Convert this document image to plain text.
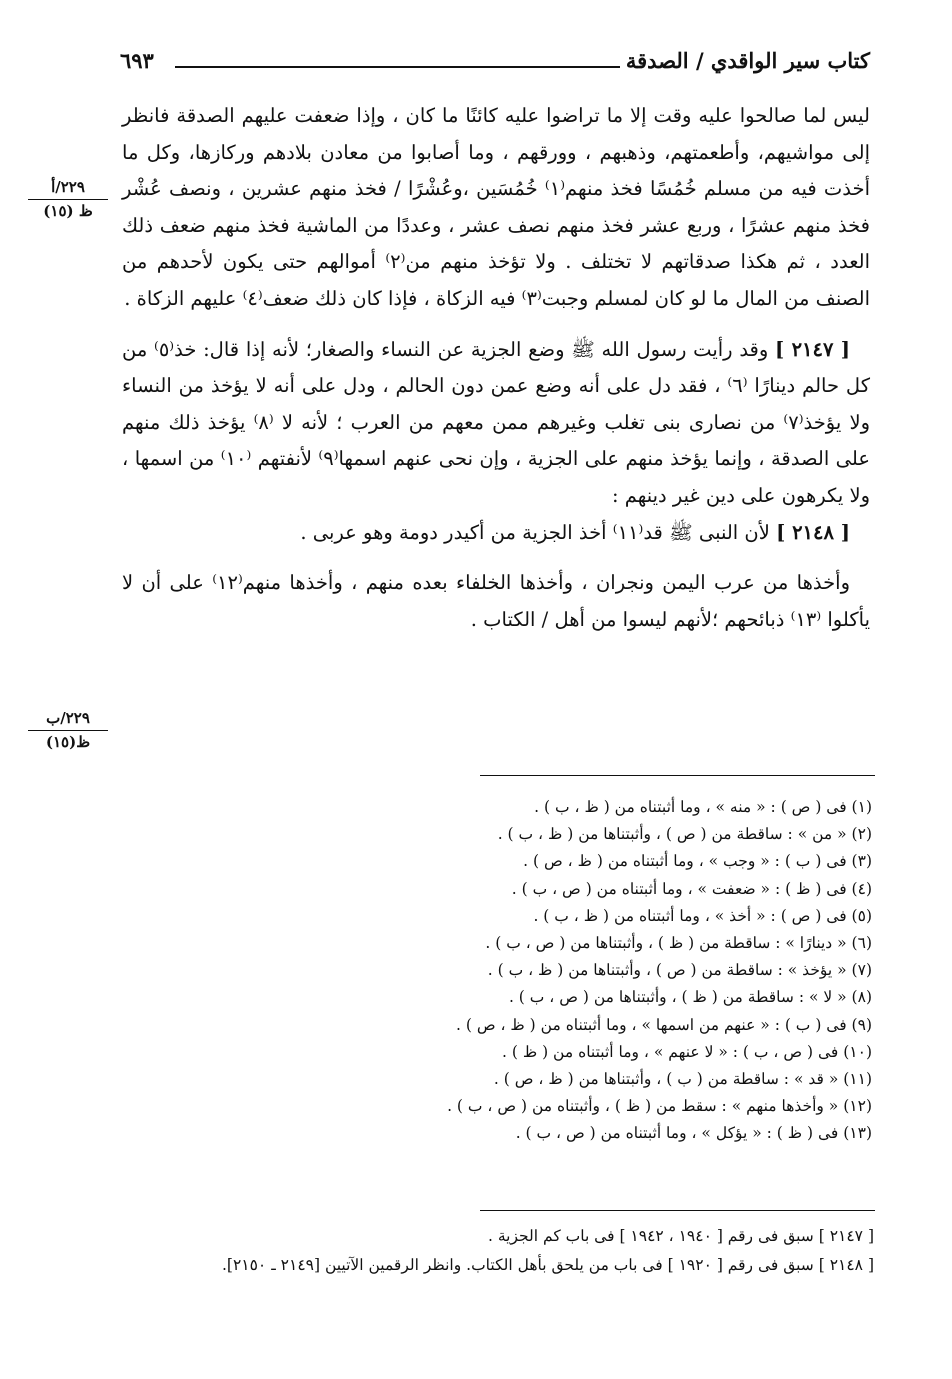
كتاب سير الواقدي / الصدقة
٦٩٣
٢٢٩/أ
ظ (١٥)
٢٢٩/ب
ظ(١٥)

ليس لما صالحوا عليه وقت إلا ما تراضوا عليه كائنًا ما كان ، وإذا ضعفت عليهم الصدقة فانظر إلى مواشيهم، وأطعمتهم، وذهبهم ، وورقهم ، وما أصابوا من معادن بلادهم وركازها، وكل ما أخذت فيه من مسلم خُمُسًا فخذ منهم⁽١⁾ خُمُسَين ،وعُشْرًا / فخذ منهم عشرين ، ونصف عُشْر فخذ منهم عشرًا ، وربع عشر فخذ منهم نصف عشر ، وعددًا من الماشية فخذ منهم ضعف ذلك العدد ، ثم هكذا صدقاتهم لا تختلف . ولا تؤخذ منهم من⁽٢⁾ أموالهم حتى يكون لأحدهم من الصنف من المال ما لو كان لمسلم وجبت⁽٣⁾ فيه الزكاة ، فإذا كان ذلك ضعف⁽٤⁾ عليهم الزكاة .

[ ٢١٤٧ ] وقد رأيت رسول الله ﷺ وضع الجزية عن النساء والصغار؛ لأنه إذا قال: خذ⁽٥⁾ من كل حالم دينارًا ⁽٦⁾ ، فقد دل على أنه وضع عمن دون الحالم ، ودل على أنه لا يؤخذ من النساء ولا يؤخذ⁽٧⁾ من نصارى بنى تغلب وغيرهم ممن معهم من العرب ؛ لأنه لا ⁽٨⁾ يؤخذ ذلك منهم على الصدقة ، وإنما يؤخذ منهم على الجزية ، وإن نحى عنهم اسمها⁽٩⁾ لأنفتهم ⁽١٠⁾ من اسمها ، ولا يكرهون على دين غير دينهم :

[ ٢١٤٨ ] لأن النبى ﷺ قد⁽١١⁾ أخذ الجزية من أكيدر دومة وهو عربى .

وأخذها من عرب اليمن ونجران ، وأخذها الخلفاء بعده منهم ، وأخذها منهم⁽١٢⁾ على أن لا يأكلوا ⁽١٣⁾ ذبائحهم ؛لأنهم ليسوا من أهل / الكتاب .

(١) فى ( ص ) : « منه » ، وما أثبتناه من ( ظ ، ب ) .
(٢) « من » : ساقطة من ( ص ) ، وأثبتناها من ( ظ ، ب ) .
(٣) فى ( ب ) : « وجب » ، وما أثبتناه من ( ظ ، ص ) .
(٤) فى ( ظ ) : « ضعفت » ، وما أثبتناه من ( ص ، ب ) .
(٥) فى ( ص ) : « أخذ » ، وما أثبتناه من ( ظ ، ب ) .
(٦) « دينارًا » : ساقطة من ( ظ ) ، وأثبتناها من ( ص ، ب ) .
(٧) « يؤخذ » : ساقطة من ( ص ) ، وأثبتناها من ( ظ ، ب ) .
(٨) « لا » : ساقطة من ( ظ ) ، وأثبتناها من ( ص ، ب ) .
(٩) فى ( ب ) : « عنهم من اسمها » ، وما أثبتناه من ( ظ ، ص ) .
(١٠) فى ( ص ، ب ) : « لا عنهم » ، وما أثبتناه من ( ظ ) .
(١١) « قد » : ساقطة من ( ب ) ، وأثبتناها من ( ظ ، ص ) .
(١٢) « وأخذها منهم » : سقط من ( ظ ) ، وأثبتناه من ( ص ، ب ) .
(١٣) فى ( ظ ) : « يؤكل » ، وما أثبتناه من ( ص ، ب ) .
[ ٢١٤٧ ] سبق فى رقم [ ١٩٤٠ ، ١٩٤٢ ] فى باب كم الجزية .
[ ٢١٤٨ ] سبق فى رقم [ ١٩٢٠ ] فى باب من يلحق بأهل الكتاب. وانظر الرقمين الآتيين [٢١٤٩ ـ ٢١٥٠].
